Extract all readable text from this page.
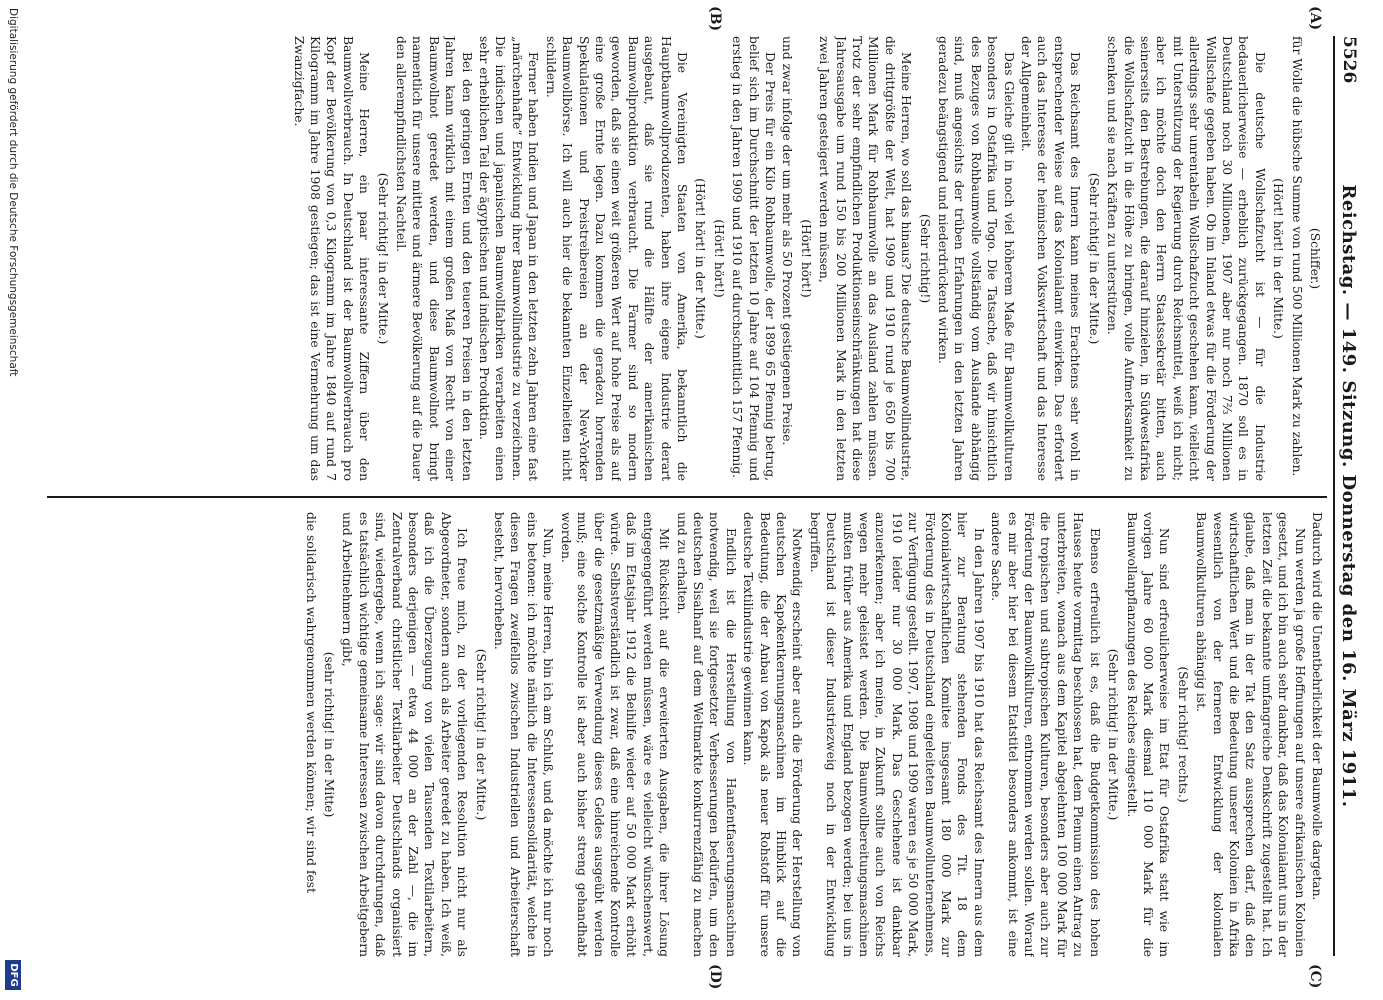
5526
Reichstag. — 149. Sitzung. Donnerstag den 16. März 1911.
(A)
(B)
(C)
(D)

(Schiffer.)

für Wolle die hübsche Summe von rund 500 Millionen Mark zu zahlen.

(Hört! hört! in der Mitte.)

Die deutsche Wollschafzucht ist — für die Industrie bedauerlicherweise — erheblich zurückgegangen. 1870 soll es in Deutschland noch 30 Millionen, 1907 aber nur noch 7⅔ Millionen Wollschafe gegeben haben. Ob im Inland etwas für die Förderung der allerdings sehr unrentabeln Wollschafzucht geschehen kann, vielleicht mit Unterstützung der Regierung durch Reichsmittel, weiß ich nicht; aber ich möchte doch den Herrn Staatssekretär bitten, auch seinerseits den Bestrebungen, die darauf hinzielen, in Südwestafrika die Wollschafzucht in die Höhe zu bringen, volle Aufmerksamkeit zu schenken und sie nach Kräften zu unterstützen.

(Sehr richtig! in der Mitte.)

Das Reichsamt des Innern kann meines Erachtens sehr wohl in entsprechender Weise auf das Kolonialamt einwirken. Das erfordert auch das Interesse der heimischen Volkswirtschaft und das Interesse der Allgemeinheit.

Das Gleiche gilt in noch viel höherem Maße für Baumwollkulturen besonders in Ostafrika und Togo. Die Tatsache, daß wir hinsichtlich des Bezuges von Rohbaumwolle vollständig vom Auslande abhängig sind, muß angesichts der trüben Erfahrungen in den letzten Jahren geradezu beängstigend und niederdrückend wirken.

(Sehr richtig!)

Meine Herren, wo soll das hinaus? Die deutsche Baumwollindustrie, die drittgrößte der Welt, hat 1909 und 1910 rund je 650 bis 700 Millionen Mark für Rohbaumwolle an das Ausland zahlen müssen. Trotz der sehr empfindlichen Produktionseinschränkungen hat diese Jahresausgabe um rund 150 bis 200 Millionen Mark in den letzten zwei Jahren gesteigert werden müssen,

(Hört! hört!)

und zwar infolge der um mehr als 50 Prozent gestiegenen Preise.

Der Preis für ein Kilo Rohbaumwolle, der 1899 65 Pfennig betrug, belief sich im Durchschnitt der letzten 10 Jahre auf 104 Pfennig und erstieg in den Jahren 1909 und 1910 auf durchschnittlich 157 Pfennig.

(Hört! hört!)

(Hört! hört! in der Mitte.)

Die Vereinigten Staaten von Amerika, bekanntlich die Hauptbaumwollproduzenten, haben ihre eigene Industrie derart ausgebaut, daß sie rund die Hälfte der amerikanischen Baumwollproduktion verbraucht. Die Farmer sind so modern geworden, daß sie einen weit größeren Wert auf hohe Preise als auf eine große Ernte legen. Dazu kommen die geradezu horrenden Spekulationen und Preistreibereien an der New-Yorker Baumwollbörse. Ich will auch hier die bekannten Einzelheiten nicht schildern.

Ferner haben Indien und Japan in den letzten zehn Jahren eine fast „märchenhafte“ Entwicklung ihrer Baumwollindustrie zu verzeichnen. Die indischen und japanischen Baumwollfabriken verarbeiten einen sehr erheblichen Teil der ägyptischen und indischen Produktion.

Bei den geringen Ernten und den teueren Preisen in den letzten Jahren kann wirklich mit einem großen Maß von Recht von einer Baumwollnot geredet werden, und diese Baumwollnot bringt namentlich für unsere mittlere und ärmere Bevölkerung auf die Dauer den allerempfindlichsten Nachteil.

(Sehr richtig! in der Mitte.)

Meine Herren, ein paar interessante Ziffern über den Baumwollverbrauch. In Deutschland ist der Baumwollverbrauch pro Kopf der Bevölkerung von 0,3 Kilogramm im Jahre 1840 auf rund 7 Kilogramm im Jahre 1908 gestiegen; das ist eine Vermehrung um das Zwanzigfache.

Dadurch wird die Unentbehrlichkeit der Baumwolle dargetan.

Nun werden ja große Hoffnungen auf unsere afrikanischen Kolonien gesetzt, und ich bin auch sehr dankbar, daß das Kolonialamt uns in der letzten Zeit die bekannte umfangreiche Denkschrift zugestellt hat. Ich glaube, daß man in der Tat den Satz aussprechen darf, daß den wirtschaftlichen Wert und die Bedeutung unserer Kolonien in Afrika wesentlich von der ferneren Entwicklung der kolonialen Baumwollkulturen abhängig ist.

(Sehr richtig! rechts.)

Nun sind erfreulicherweise im Etat für Ostafrika statt wie im vorigen Jahre 60 000 Mark diesmal 110 000 Mark für die Baumwollanpflanzungen des Reiches eingestellt.

(Sehr richtig! in der Mitte.)

Ebenso erfreulich ist es, daß die Budgetkommission des hohen Hauses heute vormittag beschlossen hat, dem Plenum einen Antrag zu unterbreiten, wonach aus dem Kapitel abgelehnten 100 000 Mark für die tropischen und subtropischen Kulturen, besonders aber auch zur Förderung der Baumwollkulturen, entnommen werden sollen. Worauf es mir aber hier bei diesem Etatstitel besonders ankommt, ist eine andere Sache.

In den Jahren 1907 bis 1910 hat das Reichsamt des Innern aus dem hier zur Beratung stehenden Fonds des Tit. 18 dem Kolonialwirtschaftlichen Komitee insgesamt 180 000 Mark zur Förderung des in Deutschland eingeleiteten Baumwollunternehmens, zur Verfügung gestellt. 1907, 1908 und 1909 waren es je 50 000 Mark, 1910 leider nur 30 000 Mark. Das Geschehene ist dankbar anzuerkennen; aber ich meine, in Zukunft sollte auch von Reichs wegen mehr geleistet werden. Die Baumwollbereitungsmaschinen mußten früher aus Amerika und England bezogen werden; bei uns in Deutschland ist dieser Industriezweig noch in der Entwicklung begriffen.

Notwendig erscheint aber auch die Förderung der Herstellung von deutschen Kapokentkernungsmaschinen im Hinblick auf die Bedeutung, die der Anbau von Kapok als neuer Rohstoff für unsere deutsche Textilindustrie gewinnen kann.

Endlich ist die Herstellung von Hanfentfaserungsmaschinen notwendig, weil sie fortgesetzter Verbesserungen bedürfen, um den deutschen Sisalhanf auf dem Weltmarkte konkurrenzfähig zu machen und zu erhalten.

Mit Rücksicht auf die erweiterten Ausgaben, die ihrer Lösung entgegengeführt werden müssen, wäre es vielleicht wünschenswert, daß im Etatsjahr 1912 die Beihilfe wieder auf 50 000 Mark erhöht würde. Selbstverständlich ist zwar, daß eine hinreichende Kontrolle über die gesetzmäßige Verwendung dieses Geldes ausgeübt werden muß; eine solche Kontrolle ist aber auch bisher streng gehandhabt worden.

Nun, meine Herren, bin ich am Schluß, und da möchte ich nur noch eins betonen: ich möchte nämlich die Interessensolidarität, welche in diesen Fragen zweifellos zwischen Industriellen und Arbeiterschaft besteht, hervorheben.

(Sehr richtig! in der Mitte.)

Ich freue mich, zu der vorliegenden Resolution nicht nur als Abgeordneter, sondern auch als Arbeiter geredet zu haben. Ich weiß, daß ich die Überzeugung von vielen Tausenden Textilarbeitern, besonders derjenigen — etwa 44 000 an der Zahl —, die im Zentralverband christlicher Textilarbeiter Deutschlands organisiert sind, wiedergebe, wenn ich sage: wir sind davon durchdrungen, daß es tatsächlich wichtige gemeinsame Interessen zwischen Arbeitgebern und Arbeitnehmern gibt,

(sehr richtig! in der Mitte)

die solidarisch wahrgenommen werden können; wir sind fest

Digitalisierung gefördert durch die Deutsche Forschungsgemeinschaft
DFG
